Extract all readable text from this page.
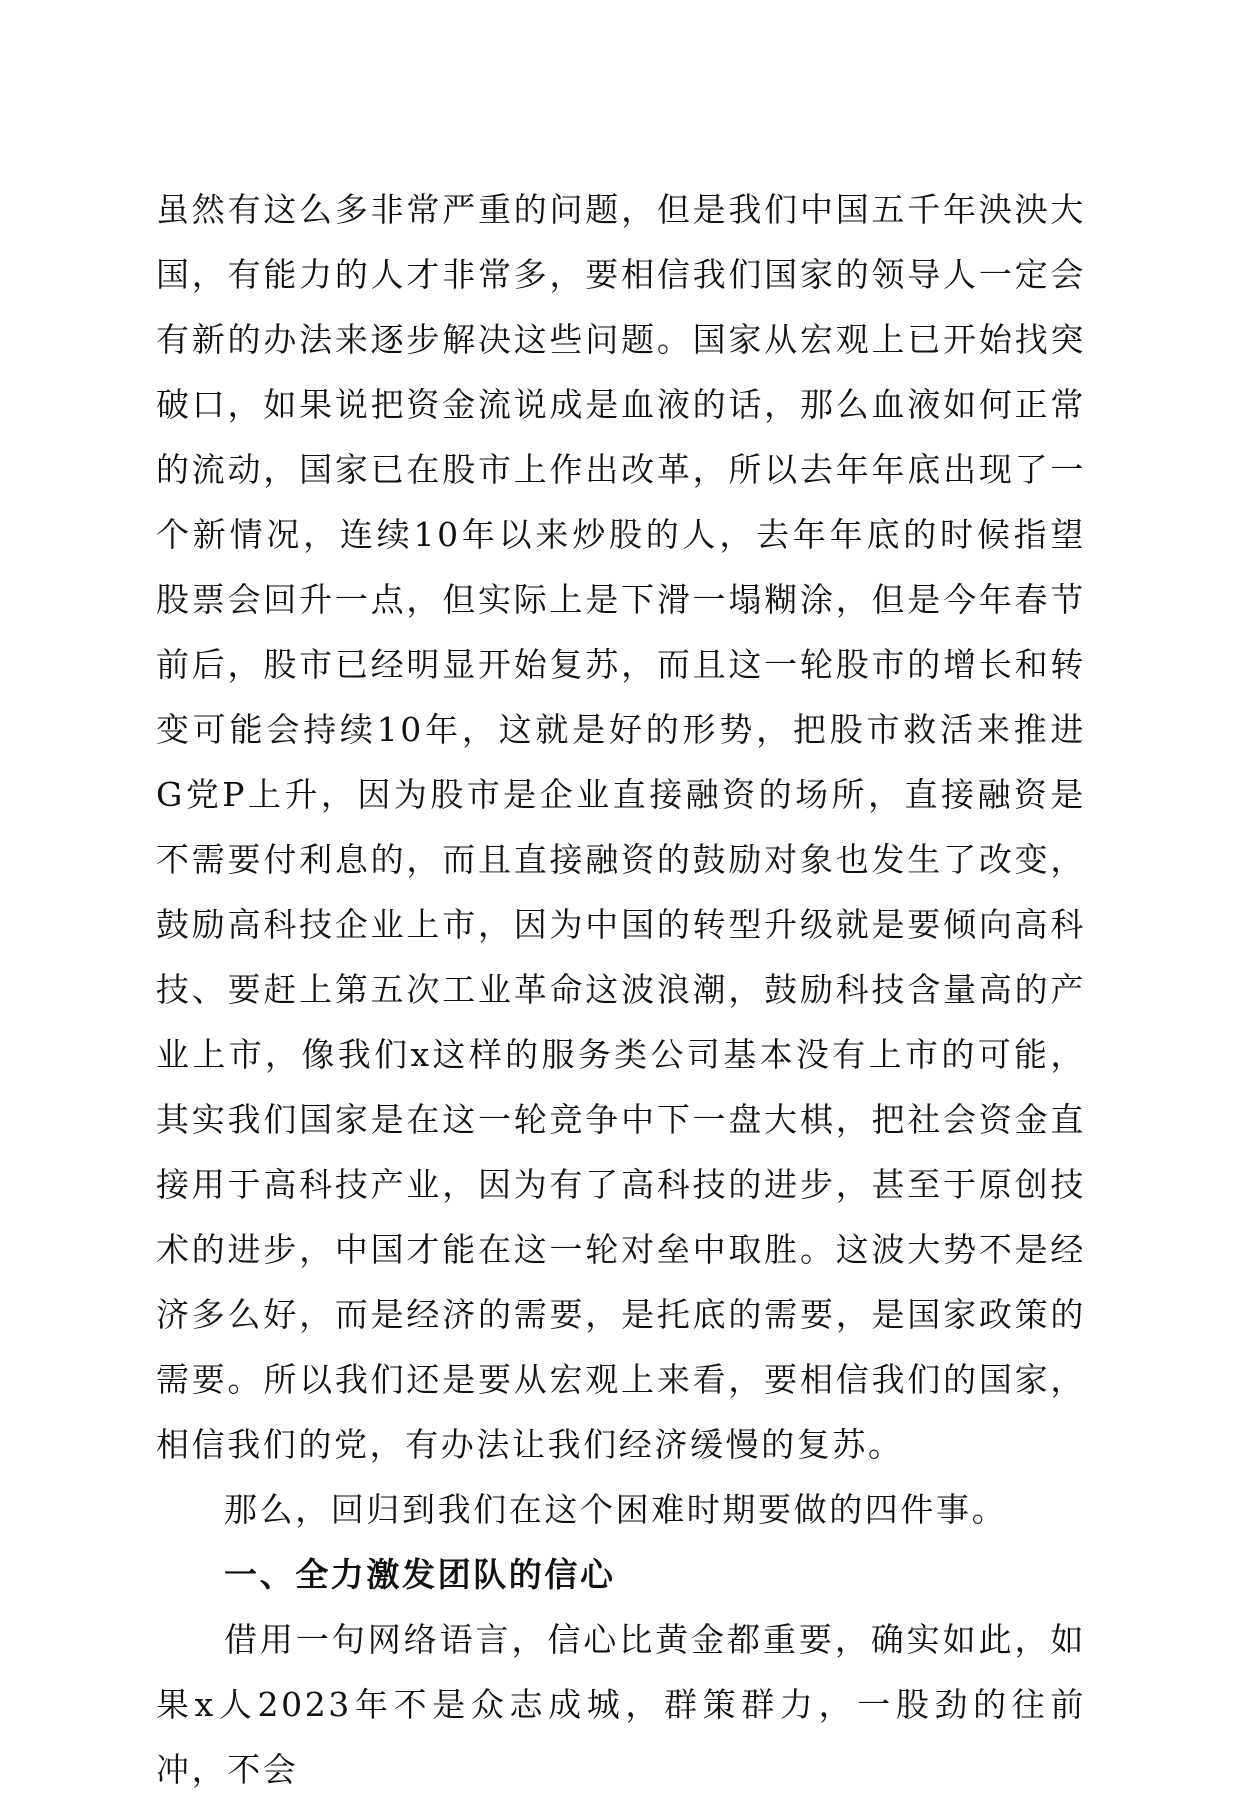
虽然有这么多非常严重的问题，但是我们中国五千年泱泱大国，有能力的人才非常多，要相信我们国家的领导人一定会有新的办法来逐步解决这些问题。国家从宏观上已开始找突破口，如果说把资金流说成是血液的话，那么血液如何正常的流动，国家已在股市上作出改革，所以去年年底出现了一个新情况，连续10年以来炒股的人，去年年底的时候指望股票会回升一点，但实际上是下滑一塌糊涂，但是今年春节前后，股市已经明显开始复苏，而且这一轮股市的增长和转变可能会持续10年，这就是好的形势，把股市救活来推进G党P上升，因为股市是企业直接融资的场所，直接融资是不需要付利息的，而且直接融资的鼓励对象也发生了改变，鼓励高科技企业上市，因为中国的转型升级就是要倾向高科技、要赶上第五次工业革命这波浪潮，鼓励科技含量高的产业上市，像我们x这样的服务类公司基本没有上市的可能，其实我们国家是在这一轮竞争中下一盘大棋，把社会资金直接用于高科技产业，因为有了高科技的进步，甚至于原创技术的进步，中国才能在这一轮对垒中取胜。这波大势不是经济多么好，而是经济的需要，是托底的需要，是国家政策的需要。所以我们还是要从宏观上来看，要相信我们的国家，相信我们的党，有办法让我们经济缓慢的复苏。

那么，回归到我们在这个困难时期要做的四件事。

一、全力激发团队的信心

借用一句网络语言，信心比黄金都重要，确实如此，如果x人2023年不是众志成城，群策群力，一股劲的往前冲，不会
